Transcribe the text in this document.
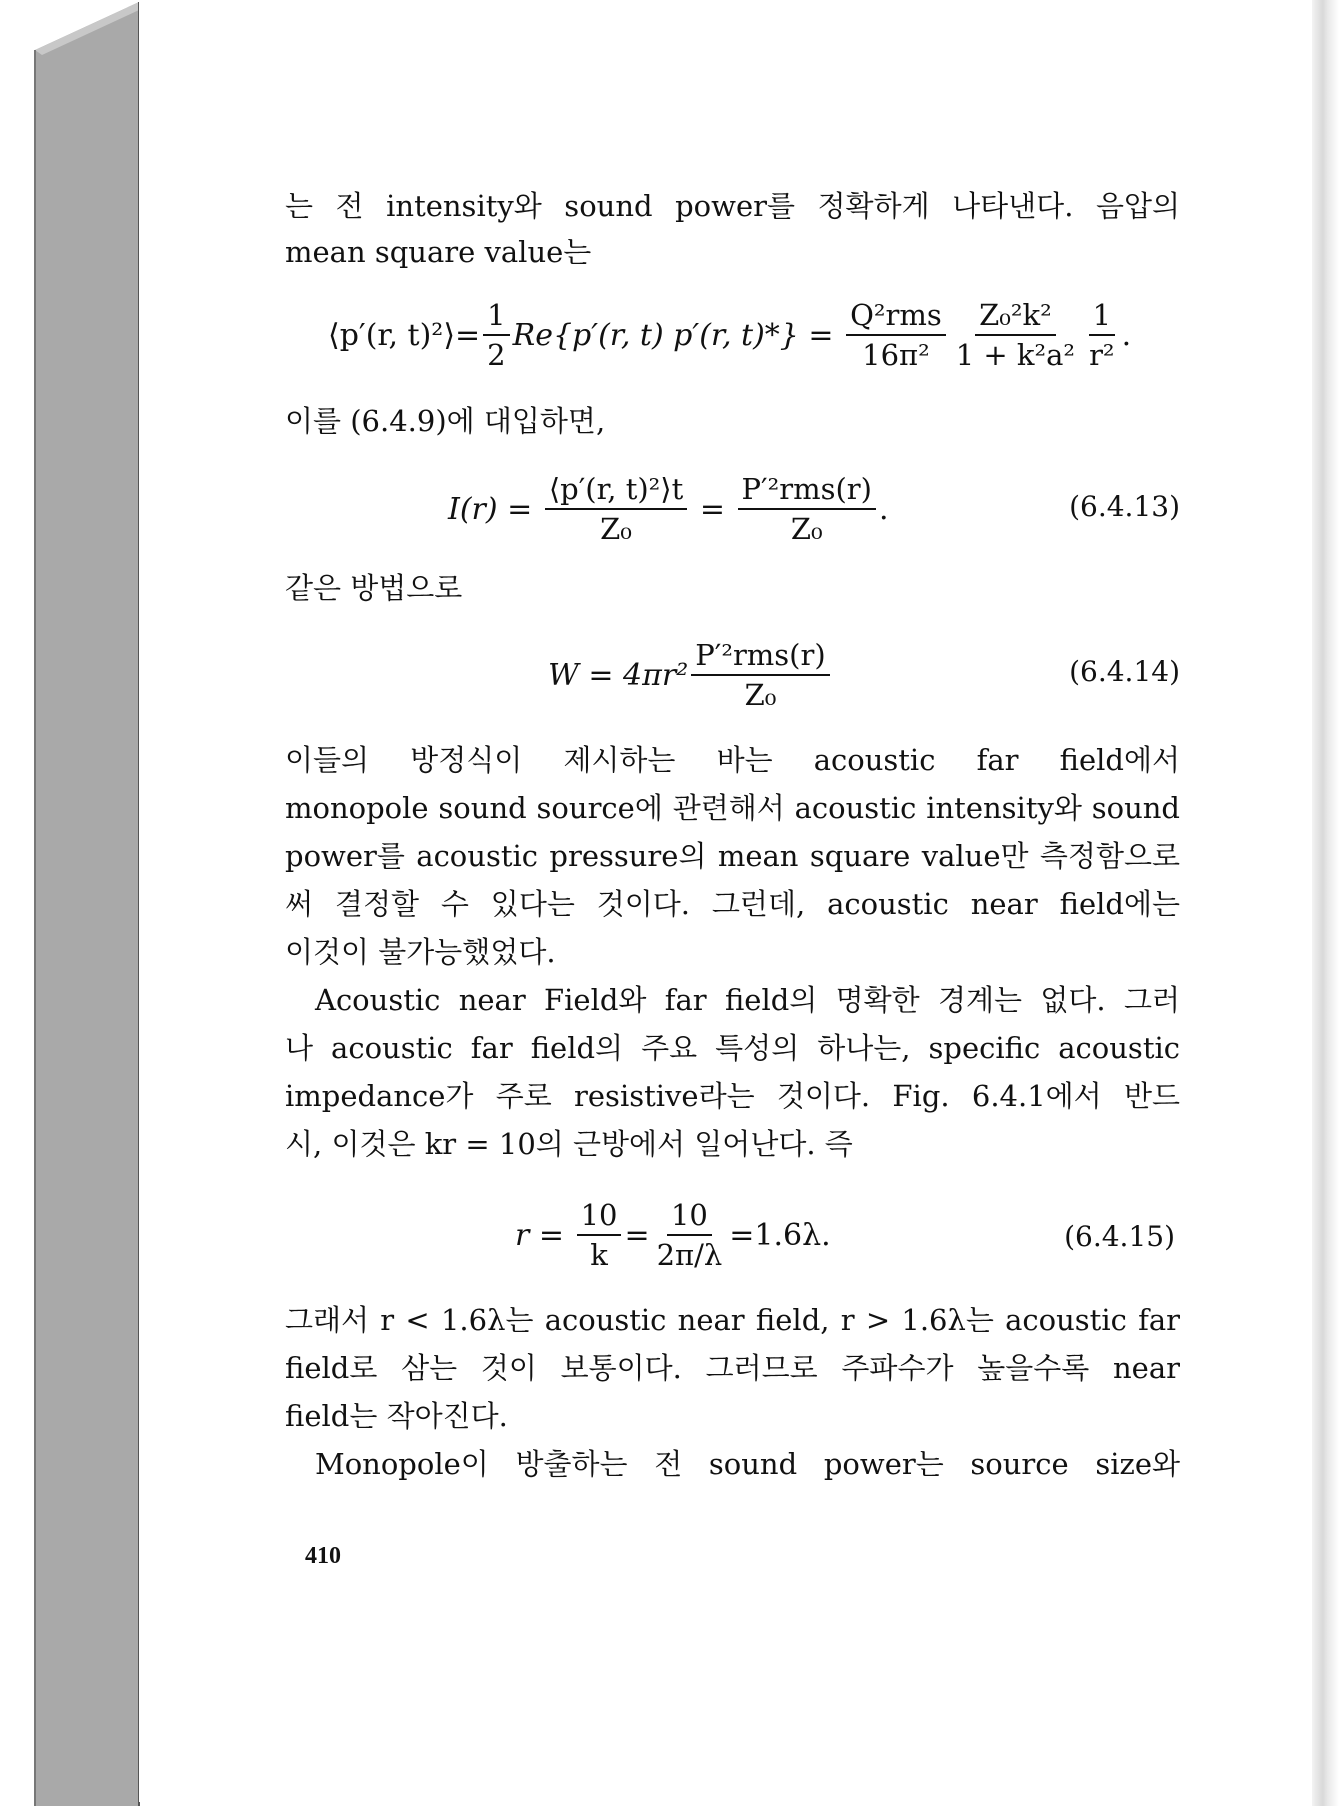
는 전 intensity와 sound power를 정확하게 나타낸다. 음압의
mean square value는
⟨p′(r, t)²⟩ = $\frac{1}{2} Re\{p'(r$, t) p′(r, $t)*\} = \frac{\text{Q²rms}}{\text{16π²}} \frac{\text{Z₀²k²}}{\text{1 + k²a²}} \frac{1}{\text{r²}}$ .
이를 (6.4.9)에 대입하면,
$I(r) = \frac{\text{⟨p′(r, t)²⟩t}}{\text{Z₀}} = \frac{\text{P′²rms(r)}}{\text{Z₀}}$ .	(6.4.13)
같은 방법으로
$W = 4\pi r^2 \frac{\text{P′²rms(r)}}{\text{Z₀}}$	(6.4.14)
이들의 방정식이 제시하는 바는 acoustic far field에서
monopole sound source에 관련해서 acoustic intensity와 sound
power를 acoustic pressure의 mean square value만 측정함으로
써 결정할 수 있다는 것이다. 그런데, acoustic near field에는
이것이 불가능했었다.
Acoustic near Field와 far field의 명확한 경계는 없다. 그러
나 acoustic far field의 주요 특성의 하나는, specific acoustic
impedance가 주로 resistive라는 것이다. Fig. 6.4.1에서 반드
시, 이것은 kr = 10의 근방에서 일어난다. 즉
$r = \frac{10}{k} = \frac{10}{2\pi/\lambda} =1.6\lambda$.	(6.4.15)
그래서 r < 1.6λ는 acoustic near field, r > 1.6λ는 acoustic far
field로 삼는 것이 보통이다. 그러므로 주파수가 높을수록 near
field는 작아진다.
Monopole이 방출하는 전 sound power는 source size와
410
